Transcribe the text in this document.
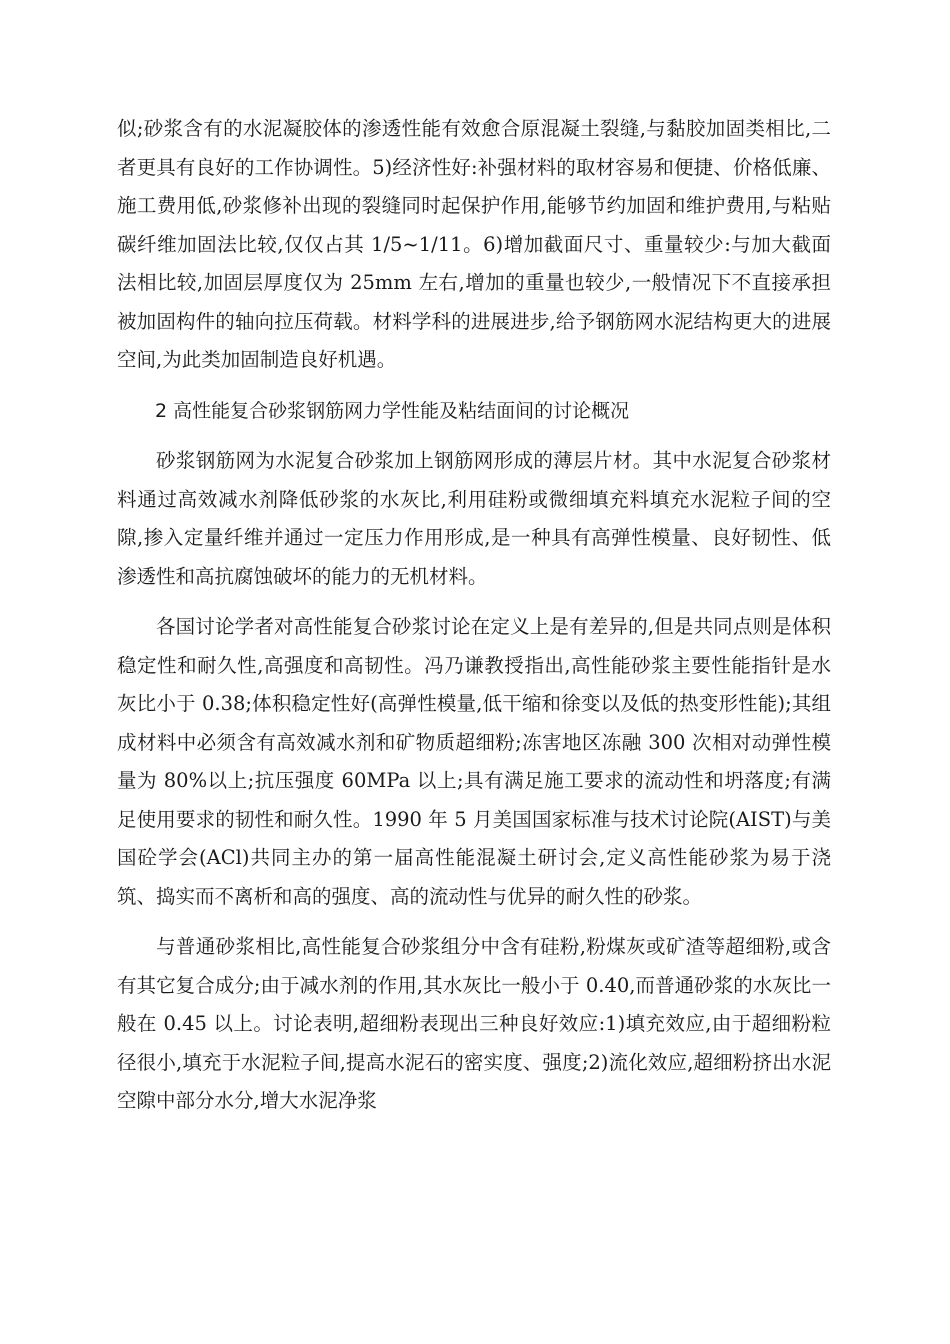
似;砂浆含有的水泥凝胶体的渗透性能有效愈合原混凝土裂缝,与黏胶加固类相比,二者更具有良好的工作协调性。5)经济性好:补强材料的取材容易和便捷、价格低廉、施工费用低,砂浆修补出现的裂缝同时起保护作用,能够节约加固和维护费用,与粘贴碳纤维加固法比较,仅仅占其 1/5~1/11。6)增加截面尺寸、重量较少:与加大截面法相比较,加固层厚度仅为 25mm 左右,增加的重量也较少,一般情况下不直接承担被加固构件的轴向拉压荷载。材料学科的进展进步,给予钢筋网水泥结构更大的进展空间,为此类加固制造良好机遇。

2 高性能复合砂浆钢筋网力学性能及粘结面间的讨论概况

砂浆钢筋网为水泥复合砂浆加上钢筋网形成的薄层片材。其中水泥复合砂浆材料通过高效减水剂降低砂浆的水灰比,利用硅粉或微细填充料填充水泥粒子间的空隙,掺入定量纤维并通过一定压力作用形成,是一种具有高弹性模量、良好韧性、低渗透性和高抗腐蚀破坏的能力的无机材料。

各国讨论学者对高性能复合砂浆讨论在定义上是有差异的,但是共同点则是体积稳定性和耐久性,高强度和高韧性。冯乃谦教授指出,高性能砂浆主要性能指针是水灰比小于 0.38;体积稳定性好(高弹性模量,低干缩和徐变以及低的热变形性能);其组成材料中必须含有高效减水剂和矿物质超细粉;冻害地区冻融 300 次相对动弹性模量为 80%以上;抗压强度 60MPa 以上;具有满足施工要求的流动性和坍落度;有满足使用要求的韧性和耐久性。1990 年 5 月美国国家标准与技术讨论院(AIST)与美国砼学会(ACl)共同主办的第一届高性能混凝土研讨会,定义高性能砂浆为易于浇筑、捣实而不离析和高的强度、高的流动性与优异的耐久性的砂浆。

与普通砂浆相比,高性能复合砂浆组分中含有硅粉,粉煤灰或矿渣等超细粉,或含有其它复合成分;由于减水剂的作用,其水灰比一般小于 0.40,而普通砂浆的水灰比一般在 0.45 以上。讨论表明,超细粉表现出三种良好效应:1)填充效应,由于超细粉粒径很小,填充于水泥粒子间,提高水泥石的密实度、强度;2)流化效应,超细粉挤出水泥空隙中部分水分,增大水泥净浆
